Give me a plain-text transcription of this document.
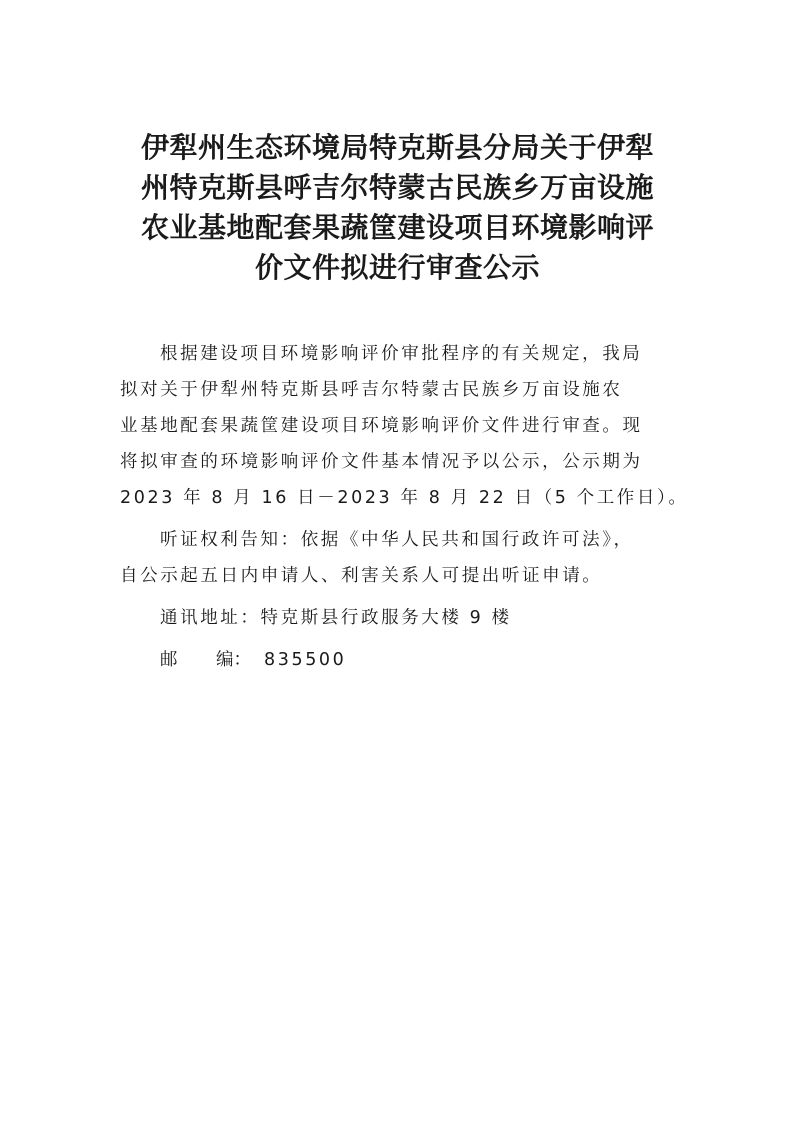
伊犁州生态环境局特克斯县分局关于伊犁
州特克斯县呼吉尔特蒙古民族乡万亩设施
农业基地配套果蔬筐建设项目环境影响评
价文件拟进行审查公示
根据建设项目环境影响评价审批程序的有关规定，我局
拟对关于伊犁州特克斯县呼吉尔特蒙古民族乡万亩设施农
业基地配套果蔬筐建设项目环境影响评价文件进行审查。现
将拟审查的环境影响评价文件基本情况予以公示，公示期为
2023 年 8 月 16 日－2023 年 8 月 22 日（5 个工作日）。
听证权利告知：依据《中华人民共和国行政许可法》，
自公示起五日内申请人、利害关系人可提出听证申请。
通讯地址：特克斯县行政服务大楼 9 楼
邮 编： 835500
